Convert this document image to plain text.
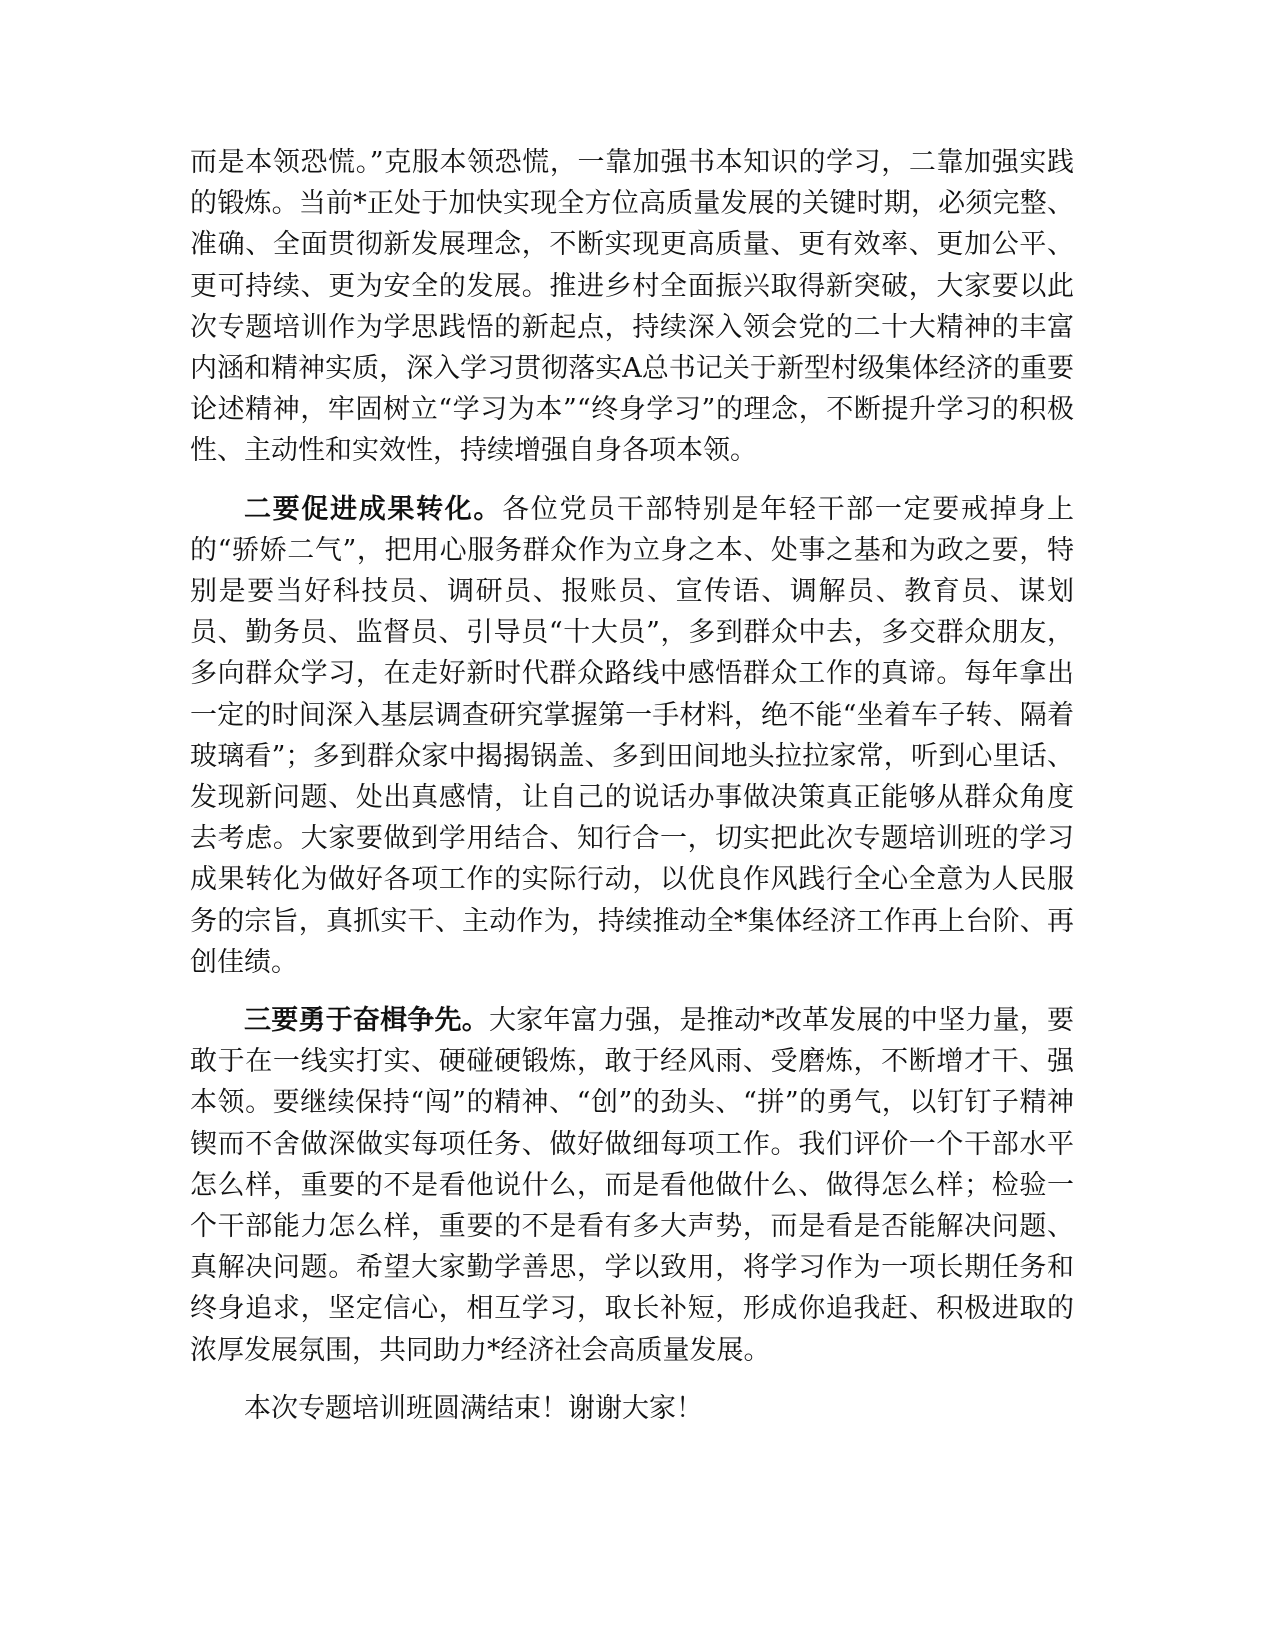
而是本领恐慌。”克服本领恐慌，一靠加强书本知识的学习，二靠加强实践的锻炼。当前*正处于加快实现全方位高质量发展的关键时期，必须完整、准确、全面贯彻新发展理念，不断实现更高质量、更有效率、更加公平、更可持续、更为安全的发展。推进乡村全面振兴取得新突破，大家要以此次专题培训作为学思践悟的新起点，持续深入领会党的二十大精神的丰富内涵和精神实质，深入学习贯彻落实A总书记关于新型村级集体经济的重要论述精神，牢固树立“学习为本”“终身学习”的理念，不断提升学习的积极性、主动性和实效性，持续增强自身各项本领。

二要促进成果转化。各位党员干部特别是年轻干部一定要戒掉身上的“骄娇二气”，把用心服务群众作为立身之本、处事之基和为政之要，特别是要当好科技员、调研员、报账员、宣传语、调解员、教育员、谋划员、勤务员、监督员、引导员“十大员”，多到群众中去，多交群众朋友，多向群众学习，在走好新时代群众路线中感悟群众工作的真谛。每年拿出一定的时间深入基层调查研究掌握第一手材料，绝不能“坐着车子转、隔着玻璃看”；多到群众家中揭揭锅盖、多到田间地头拉拉家常，听到心里话、发现新问题、处出真感情，让自己的说话办事做决策真正能够从群众角度去考虑。大家要做到学用结合、知行合一，切实把此次专题培训班的学习成果转化为做好各项工作的实际行动，以优良作风践行全心全意为人民服务的宗旨，真抓实干、主动作为，持续推动全*集体经济工作再上台阶、再创佳绩。

三要勇于奋楫争先。大家年富力强，是推动*改革发展的中坚力量，要敢于在一线实打实、硬碰硬锻炼，敢于经风雨、受磨炼，不断增才干、强本领。要继续保持“闯”的精神、“创”的劲头、“拼”的勇气，以钉钉子精神锲而不舍做深做实每项任务、做好做细每项工作。我们评价一个干部水平怎么样，重要的不是看他说什么，而是看他做什么、做得怎么样；检验一个干部能力怎么样，重要的不是看有多大声势，而是看是否能解决问题、真解决问题。希望大家勤学善思，学以致用，将学习作为一项长期任务和终身追求，坚定信心，相互学习，取长补短，形成你追我赶、积极进取的浓厚发展氛围，共同助力*经济社会高质量发展。

本次专题培训班圆满结束！谢谢大家！
